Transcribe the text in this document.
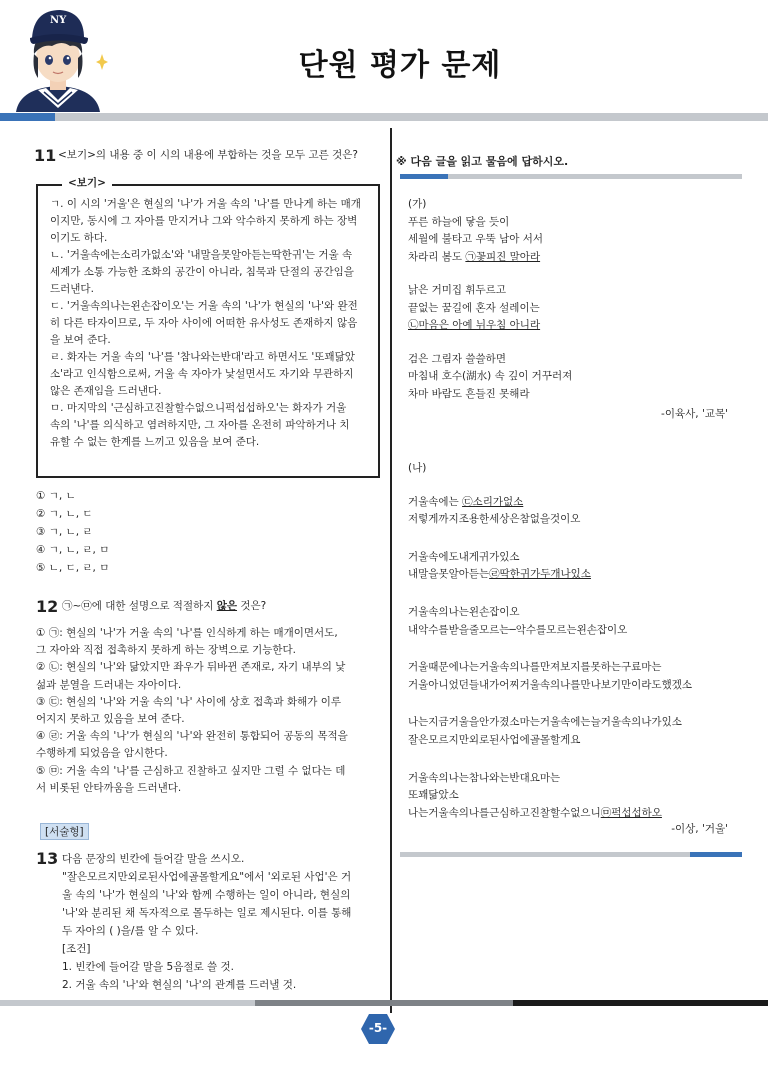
NY
단원 평가 문제
11 <보기>의 내용 중 이 시의 내용에 부합하는 것을 모두 고른 것은?
<보기>
ㄱ. 이 시의 '거울'은 현실의 '나'가 거울 속의 '나'를 만나게 하는 매개
이지만, 동시에 그 자아를 만지거나 그와 악수하지 못하게 하는 장벽
이기도 하다.
ㄴ. '거울속에는소리가없소'와 '내말을못알아듣는딱한귀'는 거울 속
세계가 소통 가능한 조화의 공간이 아니라, 침묵과 단절의 공간임을
드러낸다.
ㄷ. '거울속의나는왼손잡이오'는 거울 속의 '나'가 현실의 '나'와 완전
히 다른 타자이므로, 두 자아 사이에 어떠한 유사성도 존재하지 않음
을 보여 준다.
ㄹ. 화자는 거울 속의 '나'를 '참나와는반대'라고 하면서도 '또꽤닮았
소'라고 인식함으로써, 거울 속 자아가 낯설면서도 자기와 무관하지
않은 존재임을 드러낸다.
ㅁ. 마지막의 '근심하고진찰할수없으니퍽섭섭하오'는 화자가 거울
속의 '나'를 의식하고 염려하지만, 그 자아를 온전히 파악하거나 치
유할 수 없는 한계를 느끼고 있음을 보여 준다.
① ㄱ, ㄴ
② ㄱ, ㄴ, ㄷ
③ ㄱ, ㄴ, ㄹ
④ ㄱ, ㄴ, ㄹ, ㅁ
⑤ ㄴ, ㄷ, ㄹ, ㅁ
12 ㉠~㉤에 대한 설명으로 적절하지 않은 것은?
① ㉠: 현실의 '나'가 거울 속의 '나'를 인식하게 하는 매개이면서도,
그 자아와 직접 접촉하지 못하게 하는 장벽으로 기능한다.
② ㉡: 현실의 '나'와 닮았지만 좌우가 뒤바뀐 존재로, 자기 내부의 낯
섦과 분열을 드러내는 자아이다.
③ ㉢: 현실의 '나'와 거울 속의 '나' 사이에 상호 접촉과 화해가 이루
어지지 못하고 있음을 보여 준다.
④ ㉣: 거울 속의 '나'가 현실의 '나'와 완전히 통합되어 공동의 목적을
수행하게 되었음을 암시한다.
⑤ ㉤: 거울 속의 '나'를 근심하고 진찰하고 싶지만 그럴 수 없다는 데
서 비롯된 안타까움을 드러낸다.
[서술형]
13 다음 문장의 빈칸에 들어갈 말을 쓰시오.
"잘은모르지만외로된사업에골몰할게요"에서 '외로된 사업'은 거
울 속의 '나'가 현실의 '나'와 함께 수행하는 일이 아니라, 현실의
'나'와 분리된 채 독자적으로 몰두하는 일로 제시된다. 이를 통해
두 자아의 ( )을/를 알 수 있다.
[조건]
1. 빈칸에 들어갈 말을 5음절로 쓸 것.
2. 거울 속의 '나'와 현실의 '나'의 관계를 드러낼 것.
※ 다음 글을 읽고 물음에 답하시오.
(가)
푸른 하늘에 닿을 듯이
세월에 불타고 우뚝 남아 서서
차라리 봄도 ㉠꽃피진 말아라
낡은 거미집 휘두르고
끝없는 꿈길에 혼자 설레이는
㉡마음은 아예 뉘우침 아니라
검은 그림자 쓸쓸하면
마침내 호수(湖水) 속 깊이 거꾸러져
차마 바람도 흔들진 못해라
-이육사, '교목'
(나)
거울속에는 ㉢소리가없소
저렇게까지조용한세상은참없을것이오
거울속에도내게귀가있소
내말을못알아듣는㉣딱한귀가두개나있소
거울속의나는왼손잡이오
내악수를받을줄모르는─악수를모르는왼손잡이오
거울때문에나는거울속의나를만져보지를못하는구료마는
거울아니었던들내가어찌거울속의나를만나보기만이라도했겠소
나는지금거울을안가졌소마는거울속에는늘거울속의나가있소
잘은모르지만외로된사업에골몰할게요
거울속의나는참나와는반대요마는
또꽤닮았소
나는거울속의나를근심하고진찰할수없으니㉤퍽섭섭하오
-이상, '거울'
-5-
